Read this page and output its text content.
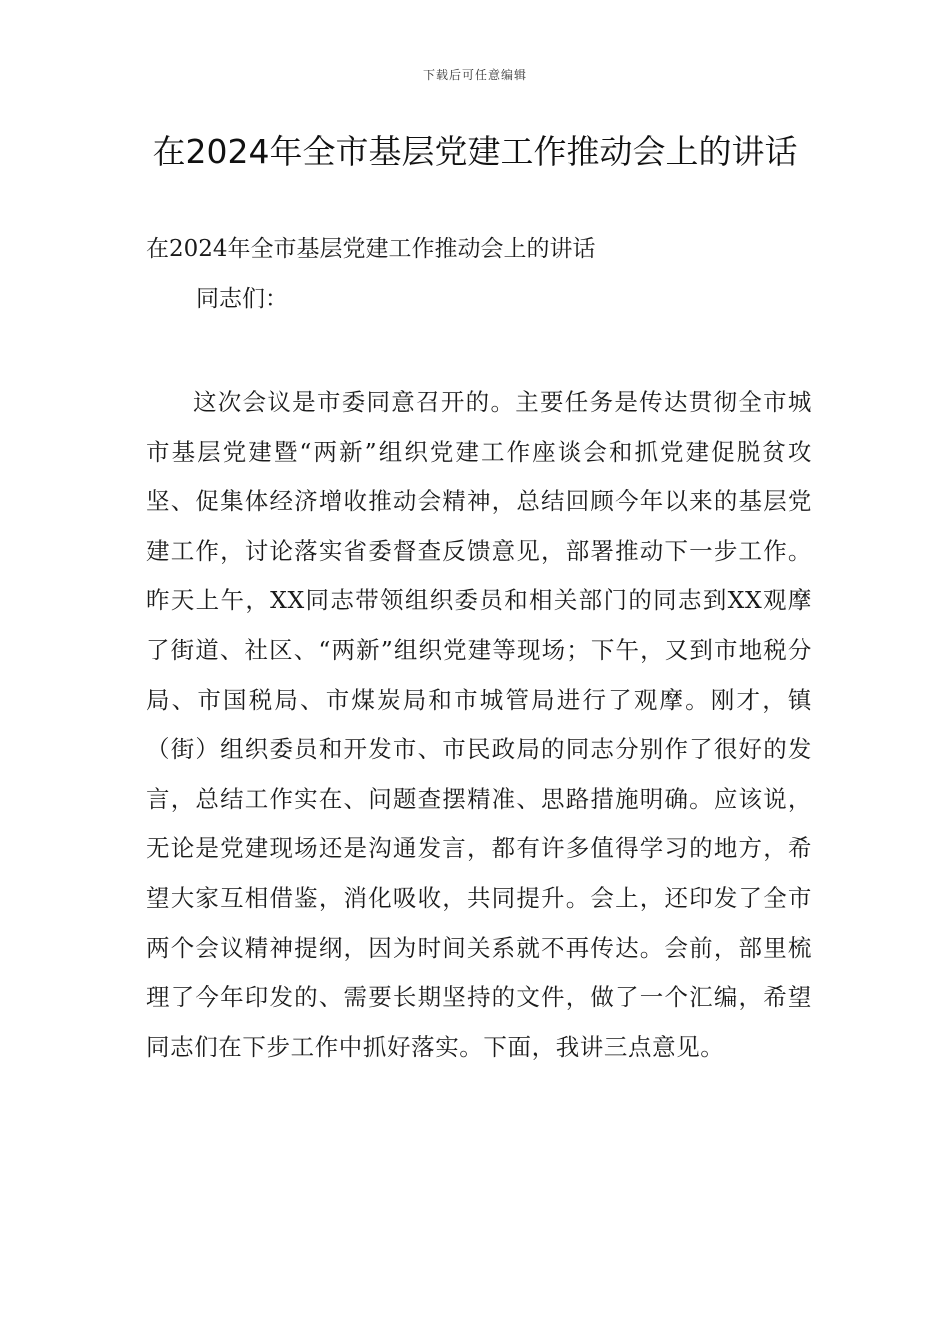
下载后可任意编辑
在2024年全市基层党建工作推动会上的讲话
在2024年全市基层党建工作推动会上的讲话
同志们：

这次会议是市委同意召开的。主要任务是传达贯彻全市城市基层党建暨“两新”组织党建工作座谈会和抓党建促脱贫攻坚、促集体经济增收推动会精神，总结回顾今年以来的基层党建工作，讨论落实省委督查反馈意见，部署推动下一步工作。昨天上午，XX同志带领组织委员和相关部门的同志到XX观摩了街道、社区、“两新”组织党建等现场；下午，又到市地税分局、市国税局、市煤炭局和市城管局进行了观摩。刚才，镇（街）组织委员和开发市、市民政局的同志分别作了很好的发言，总结工作实在、问题查摆精准、思路措施明确。应该说，无论是党建现场还是沟通发言，都有许多值得学习的地方，希望大家互相借鉴，消化吸收，共同提升。会上，还印发了全市两个会议精神提纲，因为时间关系就不再传达。会前，部里梳理了今年印发的、需要长期坚持的文件，做了一个汇编，希望同志们在下步工作中抓好落实。下面，我讲三点意见。
